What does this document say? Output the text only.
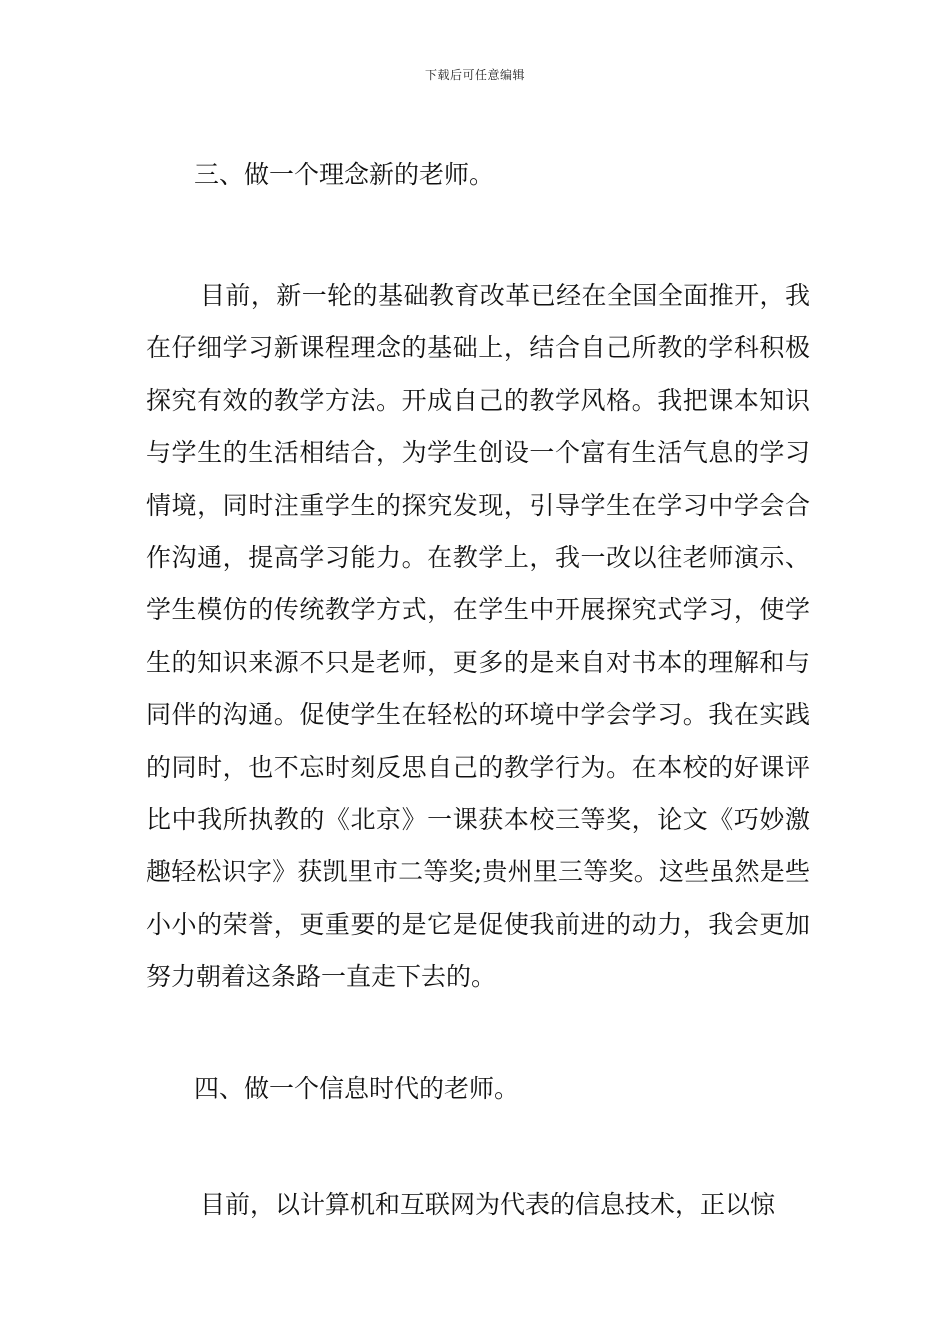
下载后可任意编辑
三、做一个理念新的老师。

目前，新一轮的基础教育改革已经在全国全面推开，我在仔细学习新课程理念的基础上，结合自己所教的学科积极探究有效的教学方法。开成自己的教学风格。我把课本知识与学生的生活相结合，为学生创设一个富有生活气息的学习情境，同时注重学生的探究发现，引导学生在学习中学会合作沟通，提高学习能力。在教学上，我一改以往老师演示、学生模仿的传统教学方式，在学生中开展探究式学习，使学生的知识来源不只是老师，更多的是来自对书本的理解和与同伴的沟通。促使学生在轻松的环境中学会学习。我在实践的同时，也不忘时刻反思自己的教学行为。在本校的好课评比中我所执教的《北京》一课获本校三等奖，论文《巧妙激趣轻松识字》获凯里市二等奖;贵州里三等奖。这些虽然是些小小的荣誉，更重要的是它是促使我前进的动力，我会更加努力朝着这条路一直走下去的。

四、做一个信息时代的老师。

目前，以计算机和互联网为代表的信息技术，正以惊
